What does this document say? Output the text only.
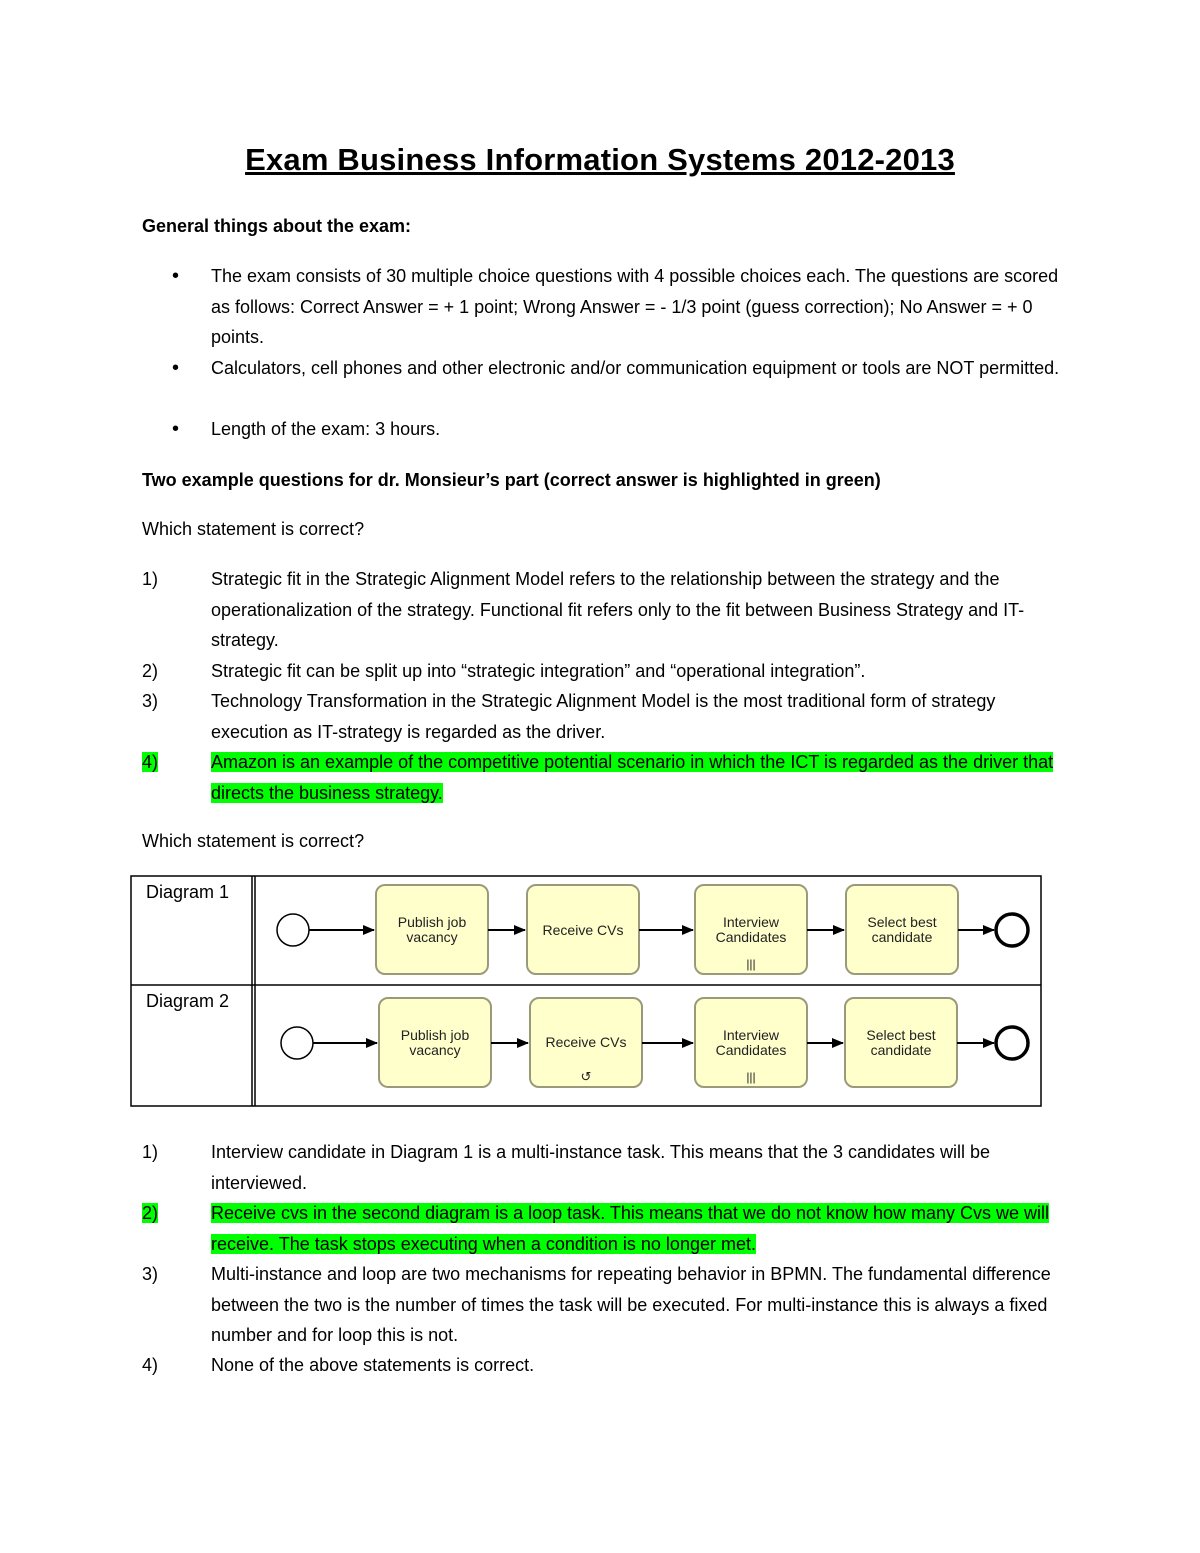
Exam Business Information Systems 2012-2013
General things about the exam:
• The exam consists of 30 multiple choice questions with 4 possible choices each. The questions are scored as follows: Correct Answer = + 1 point; Wrong Answer = - 1/3 point (guess correction); No Answer = + 0 points.
• Calculators, cell phones and other electronic and/or communication equipment or tools are NOT permitted.
• Length of the exam: 3 hours.
Two example questions for dr. Monsieur’s part (correct answer is highlighted in green)
Which statement is correct?
1)	Strategic fit in the Strategic Alignment Model refers to the relationship between the strategy and the operationalization of the strategy. Functional fit refers only to the fit between Business Strategy and IT-strategy.
2)	Strategic fit can be split up into “strategic integration” and “operational integration”.
3)	Technology Transformation in the Strategic Alignment Model is the most traditional form of strategy execution as IT-strategy is regarded as the driver.
4)	Amazon is an example of the competitive potential scenario in which the ICT is regarded as the driver that directs the business strategy.
Which statement is correct?
Diagram 1
Diagram 2
Publish job
vacancy	Receive CVs	Interview
Candidates
|||
Select best
candidate
Publish job
vacancy	Receive CVs
↺
Interview
Candidates
|||
Select best
candidate
1)	Interview candidate in Diagram 1 is a multi-instance task. This means that the 3 candidates will be interviewed.
2)	Receive cvs in the second diagram is a loop task. This means that we do not know how many Cvs we will receive. The task stops executing when a condition is no longer met.
3)	Multi-instance and loop are two mechanisms for repeating behavior in BPMN. The fundamental difference between the two is the number of times the task will be executed. For multi-instance this is always a fixed number and for loop this is not.
4)	None of the above statements is correct.
